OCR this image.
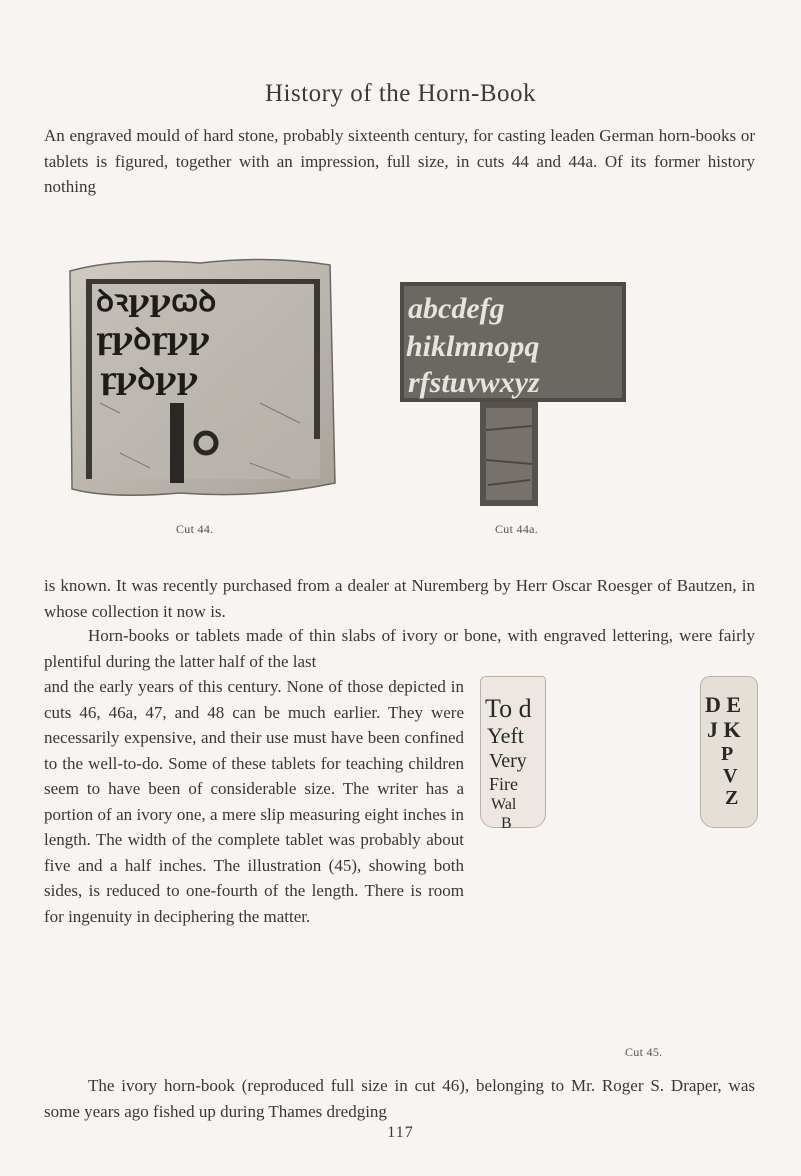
History of the Horn-Book

An engraved mould of hard stone, probably sixteenth century, for casting leaden German horn-books or tablets is figured, together with an impression, full size, in cuts 44 and 44a. Of its former history nothing

ꝺꝛꝩꝩꞷꝺ
ꝼꝩꝺꝼꝩꝩ
ꝼꝩꝺꝩꝩ
abcdefg
hiklmnopq
rfstuvwxyz
Cut 44.	Cut 44a.

is known. It was recently purchased from a dealer at Nuremberg by Herr Oscar Roesger of Bautzen, in whose collection it now is.

Horn-books or tablets made of thin slabs of ivory or bone, with engraved lettering, were fairly plentiful during the latter half of the last

and the early years of this century. None of those depicted in cuts 46, 46a, 47, and 48 can be much earlier. They were necessarily expensive, and their use must have been confined to the well-to-do. Some of these tablets for teaching children seem to have been of considerable size. The writer has a portion of an ivory one, a mere slip measuring eight inches in length. The width of the complete tablet was probably about five and a half inches. The illustration (45), showing both sides, is reduced to one-fourth of the length. There is room for ingenuity in deciphering the matter.

To d
Yeft
Very
Fire
Wal
B
D E
J K
P
V
Z
Cut 45.

The ivory horn-book (reproduced full size in cut 46), belonging to Mr. Roger S. Draper, was some years ago fished up during Thames dredging

117
